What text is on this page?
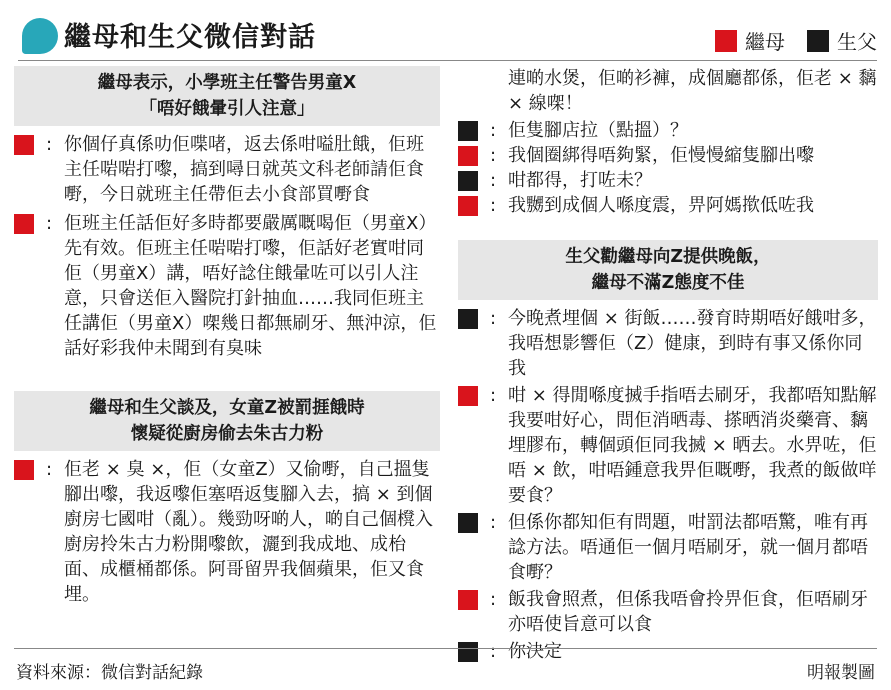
繼母和生父微信對話	繼母	生父
繼母表示，小學班主任警告男童X
「唔好餓暈引人注意」
: 你個仔真係叻佢喋啫，返去係咁嗌肚餓，佢班主任啱啱打嚟，搞到噚日就英文科老師請佢食嘢，今日就班主任帶佢去小食部買嘢食
: 佢班主任話佢好多時都要嚴厲嘅喝佢（男童X）先有效。佢班主任啱啱打嚟，佢話好老實咁同佢（男童X）講，唔好諗住餓暈咗可以引人注意，只會送佢入醫院打針抽血……我同佢班主任講佢（男童X）㗎幾日都無刷牙、無沖涼，佢話好彩我仲未聞到有臭味
繼母和生父談及，女童Z被罰捱餓時
懷疑從廚房偷去朱古力粉
: 佢老 × 臭 ×，佢（女童Z）又偷嘢，自己搵隻腳出嚟，我返嚟佢塞唔返隻腳入去，搞 × 到個廚房七國咁（亂）。幾勁呀啲人，啲自己個櫈入廚房拎朱古力粉開嚟飲，灑到我成地、成枱面、成櫃桶都係。阿哥留畀我個蘋果，佢又食埋。
連啲水煲，佢啲衫褲，成個廳都係，佢老 × 黐 × 線㗎！
: 佢隻腳店拉（點搵）？
: 我個圈綁得唔夠緊，佢慢慢縮隻腳出嚟
: 咁都得，打咗未？
: 我嬲到成個人喺度震，畀阿媽揿低咗我
生父勸繼母向Z提供晚飯，
繼母不滿Z態度不佳
: 今晚煮埋個 × 街飯……發育時期唔好餓咁多，我唔想影響佢（Z）健康，到時有事又係你同我
: 咁 × 得閒喺度搣手指唔去刷牙，我都唔知點解我要咁好心，問佢消晒毒、搽晒消炎藥膏、黐埋膠布，轉個頭佢同我搣 × 晒去。水畀咗，佢唔 × 飲，咁唔鍾意我畀佢嘅嘢，我煮的飯做咩要食？
: 但係你都知佢有問題，咁罰法都唔驚，唯有再諗方法。唔通佢一個月唔刷牙，就一個月都唔食嘢？
: 飯我會照煮，但係我唔會拎畀佢食，佢唔刷牙亦唔使旨意可以食
: 你決定
資料來源：微信對話紀錄	明報製圖
